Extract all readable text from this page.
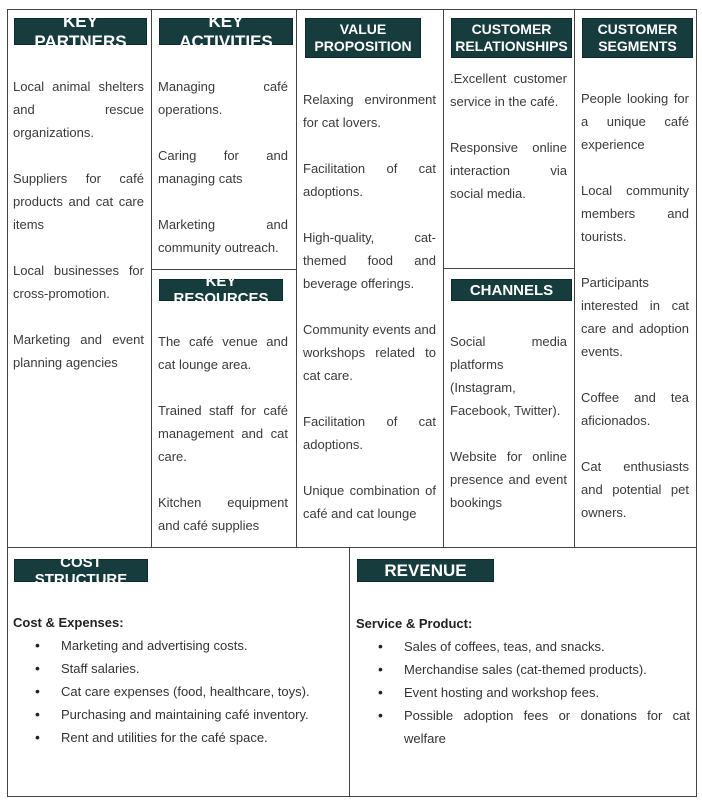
KEY PARTNERS
KEY ACTIVITIES
VALUE PROPOSITION
CUSTOMER RELATIONSHIPS
CUSTOMER SEGMENTS
KEY RESOURCES	CHANNELS
COST STRUCTURE	REVENUE

Local animal shelters and rescue organizations.

Suppliers for café products and cat care items

Local businesses for cross-promotion.

Marketing and event planning agencies

Managing café operations.

Caring for and managing cats

Marketing and community outreach.

The café venue and cat lounge area.

Trained staff for café management and cat care.

Kitchen equipment and café supplies

Relaxing environment for cat lovers.

Facilitation of cat adoptions.

High-quality, cat-themed food and beverage offerings.

Community events and workshops related to cat care.

Facilitation of cat adoptions.

Unique combination of café and cat lounge

.Excellent customer service in the café.

Responsive online interaction via social media.

Social media platforms (Instagram, Facebook, Twitter).

Website for online presence and event bookings

People looking for a unique café experience

Local community members and tourists.

Participants interested in cat care and adoption events.

Coffee and tea aficionados.

Cat enthusiasts and potential pet owners.

Cost & Expenses:
• Marketing and advertising costs.
• Staff salaries.
• Cat care expenses (food, healthcare, toys).
• Purchasing and maintaining café inventory.
• Rent and utilities for the café space.
Service & Product:
• Sales of coffees, teas, and snacks.
• Merchandise sales (cat-themed products).
• Event hosting and workshop fees.
• Possible adoption fees or donations for cat welfare
